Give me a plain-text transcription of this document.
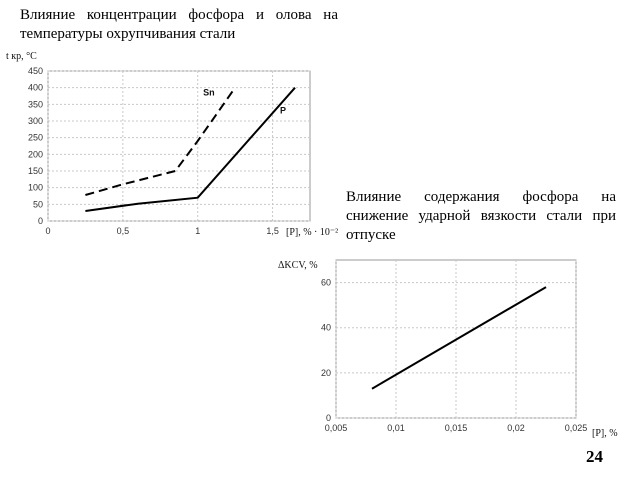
Влияние концентрации фосфора и олова на температуры охрупчивания стали

Влияние содержания фосфора на снижение ударной вязкости стали при отпуске

24
t кр, °C
[P], % · 10⁻²
0
50
100
150
200
250
300
350
400
450
0	0,5	1	1,5
Sn
P
ΔKCV, %
[P], %
0
20
40
60
0,005	0,01	0,015	0,02	0,025
